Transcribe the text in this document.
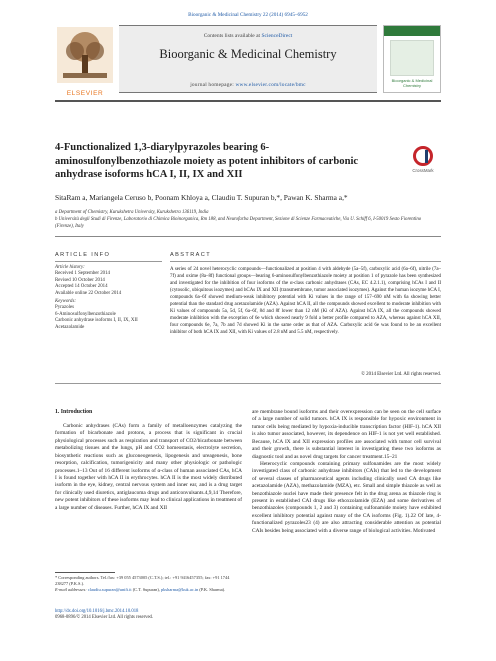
Bioorganic & Medicinal Chemistry 22 (2014) 6945–6952
ELSEVIER
Contents lists available at ScienceDirect
Bioorganic & Medicinal Chemistry
journal homepage: www.elsevier.com/locate/bmc
Bioorganic & Medicinal Chemistry
4-Functionalized 1,3-diarylpyrazoles bearing 6-aminosulfonylbenzothiazole moiety as potent inhibitors of carbonic anhydrase isoforms hCA I, II, IX and XII	CrossMark
SitaRam a, Mariangela Ceruso b, Poonam Khloya a, Claudiu T. Supuran b,*, Pawan K. Sharma a,*
a Department of Chemistry, Kurukshetra University, Kurukshetra 136119, India
b Università degli Studi di Firenze, Laboratorio di Chimica Bioinorganica, Rm 188, and Neurofarba Department, Sezione di Scienze Farmaceutiche, Via U. Schiff 6, I-50019 Sesto Fiorentino (Firenze), Italy
ARTICLE INFO	ABSTRACT
Article history:
Received 1 September 2014
Revised 10 October 2014
Accepted 14 October 2014
Available online 22 October 2014
Keywords:
Pyrazoles
6-Aminosulfonylbenzothiazole
Carbonic anhydrase isoforms I, II, IX, XII
Acetazolamide
A series of 24 novel heterocyclic compounds—functionalized at position 4 with aldehyde (5a–5f), carboxylic acid (6a–6f), nitrile (7a–7f) and oxime (8a–8f) functional groups—bearing 6-aminosulfonylbenzothiazole moiety at position 1 of pyrazole has been synthesized and investigated for the inhibition of four isoforms of the α-class carbonic anhydrases (CAs, EC 4.2.1.1), comprising hCAs I and II (cytosolic, ubiquitous isozymes) and hCAs IX and XII (transmembrane, tumor associated isozymes). Against the human isozyme hCA I, compounds 6a–6f showed medium-weak inhibitory potential with Ki values in the range of 157–690 nM with 6a showing better potential than the standard drug acetazolamide (AZA). Against hCA II, all the compounds showed excellent to moderate inhibition with Ki values of compounds 5a, 5d, 5f, 6a–6f, 8d and 8f lower than 12 nM (Ki of AZA). Against hCA IX, all the compounds showed moderate inhibition with the exception of 6e which showed nearly 9 fold a better profile compared to AZA, whereas against hCA XII, four compounds 6e, 7a, 7b and 7d showed Ki in the same order as that of AZA. Carboxylic acid 6e was found to be an excellent inhibitor of both hCA IX and XII, with Ki values of 2.8 nM and 5.5 nM, respectively.
© 2014 Elsevier Ltd. All rights reserved.
1. Introduction
Carbonic anhydrases (CAs) form a family of metalloenzymes catalyzing the formation of bicarbonate and protons, a process that is significant in crucial physiological processes such as respiration and transport of CO2/bicarbonate between metabolizing tissues and the lungs, pH and CO2 homeostasis, electrolyte secretion, biosynthetic reactions such as gluconeogenesis, lipogenesis and ureagenesis, bone resorption, calcification, tumorigenicity and many other physiologic or pathologic processes.1–13 Out of 16 different isoforms of α-class of human associated CAs, hCA I is found together with hCA II in erythrocytes. hCA II is the most widely distributed isoform in the eye, kidney, central nervous system and inner ear, and is a drug target for clinically used diuretics, antiglaucoma drugs and anticonvulsants.4,9,14 Therefore, new potent inhibitors of these isoforms may lead to clinical applications in treatment of a large number of diseases. Further, hCA IX and XII

are membrane bound isoforms and their overexpression can be seen on the cell surface of a large number of solid tumors. hCA IX is responsible for hypoxic environment in tumor cells being mediated by hypoxia-inducible transcription factor (HIF-1). hCA XII is also tumor associated, however, its dependence on HIF-1 is not yet well established. Because, hCA IX and XII expression profiles are associated with tumor cell survival and their growth, there is substantial interest in investigating these two isoforms as diagnostic tool and as novel drug targets for cancer treatment.15–21

Heterocyclic compounds containing primary sulfonamides are the most widely investigated class of carbonic anhydrase inhibitors (CAIs) that led to the development of several classes of pharmaceutical agents including clinically used CA drugs like acetazolamide (AZA), methazolamide (MZA), etc. Small and simple thiazole as well as benzothiazole nuclei have made their presence felt in the drug arena as thiazole ring is present in established CAI drugs like ethoxzolamide (EZA) and some derivatives of benzothiazoles (compounds 1, 2 and 3) containing sulfonamide moiety have exhibited excellent inhibitory potential against many of the CA isoforms (Fig. 1).22 Of late, 4-functionalized pyrazoles23 (4) are also attracting considerable attention as potential CAIs besides being associated with a diverse range of biological activities. Motivated

* Corresponding authors. Tel./fax: +39 055 4573005 (C.T.S.); tel.: +91 9416457355; fax: +91 1744 238277 (P.K.S.).
E-mail addresses: claudiu.supuran@unifi.it (C.T. Supuran), pksharma@kuk.ac.in (P.K. Sharma).
http://dx.doi.org/10.1016/j.bmc.2014.10.018
0968-0896/© 2014 Elsevier Ltd. All rights reserved.
